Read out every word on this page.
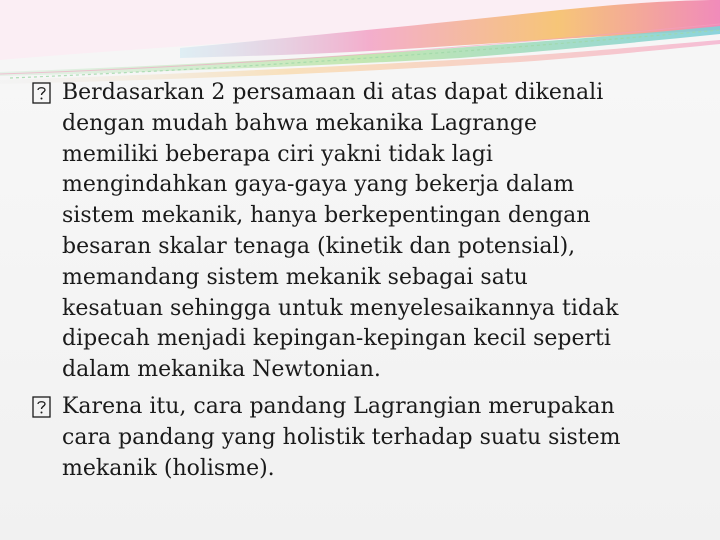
Berdasarkan 2 persamaan di atas dapat dikenali
dengan mudah bahwa mekanika Lagrange
memiliki beberapa ciri yakni tidak lagi
mengindahkan gaya-gaya yang bekerja dalam
sistem mekanik, hanya berkepentingan dengan
besaran skalar tenaga (kinetik dan potensial),
memandang sistem mekanik sebagai satu
kesatuan sehingga untuk menyelesaikannya tidak
dipecah menjadi kepingan-kepingan kecil seperti
dalam mekanika Newtonian.
Karena itu, cara pandang Lagrangian merupakan
cara pandang yang holistik terhadap suatu sistem
mekanik (holisme).
